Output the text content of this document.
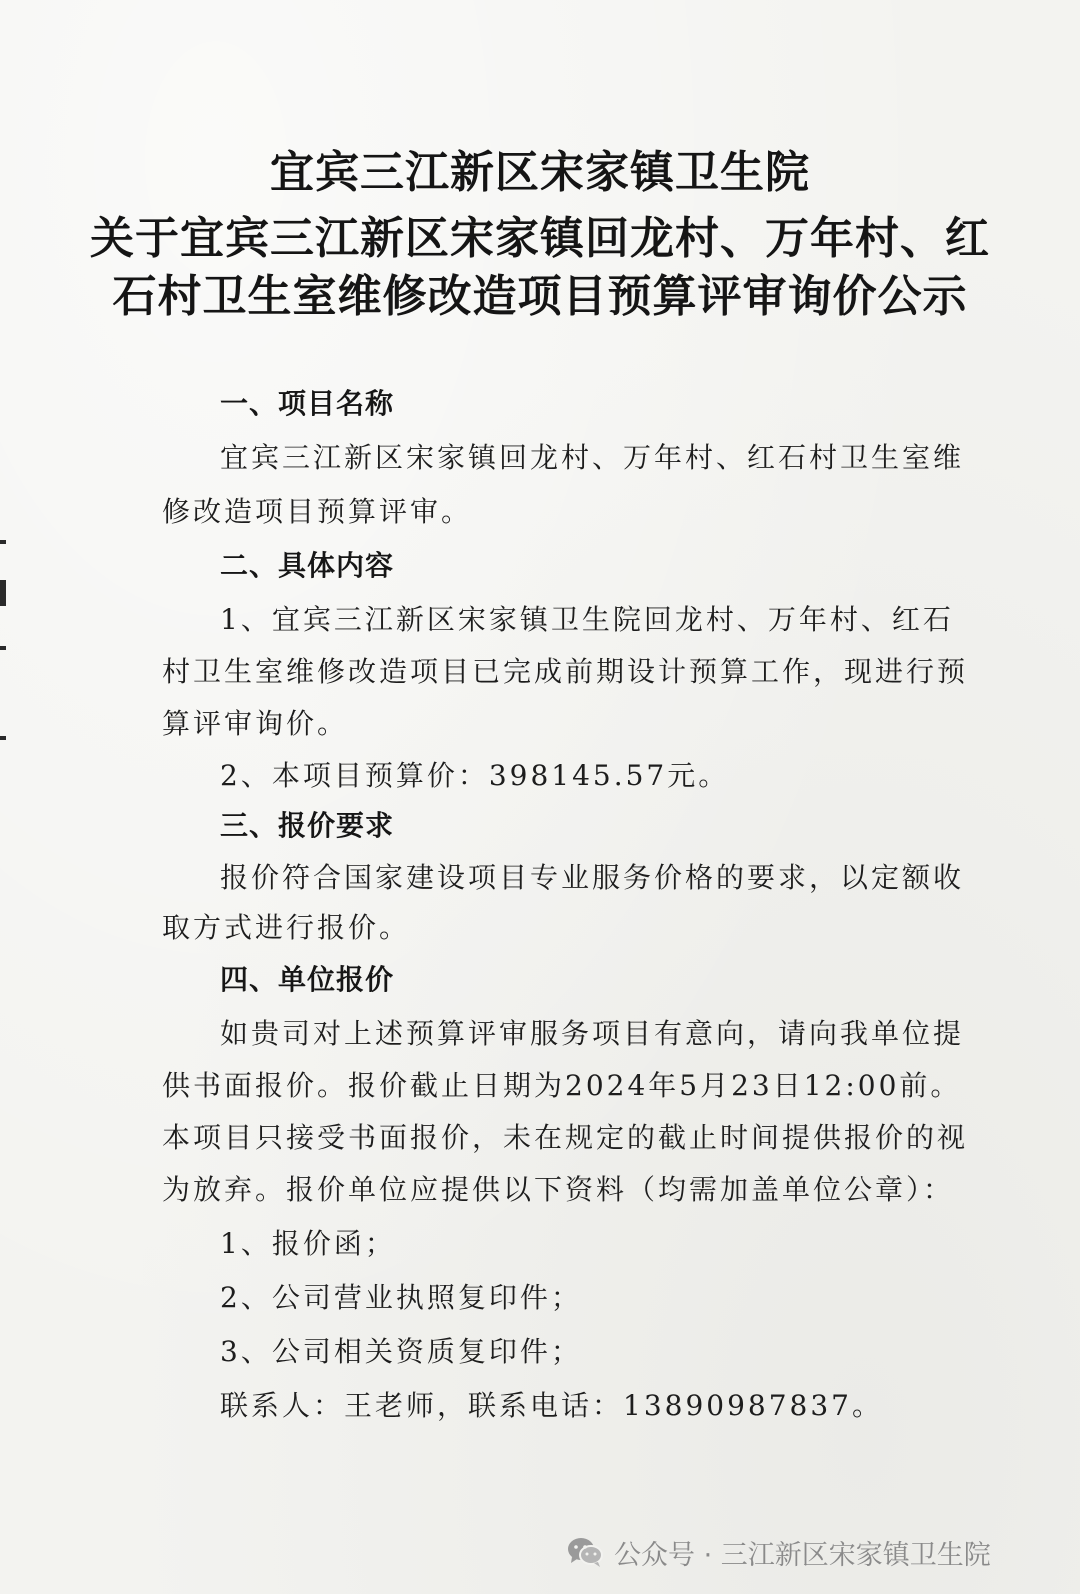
宜宾三江新区宋家镇卫生院
关于宜宾三江新区宋家镇回龙村、万年村、红
石村卫生室维修改造项目预算评审询价公示
一、项目名称
宜宾三江新区宋家镇回龙村、万年村、红石村卫生室维
修改造项目预算评审。
二、具体内容
1、宜宾三江新区宋家镇卫生院回龙村、万年村、红石
村卫生室维修改造项目已完成前期设计预算工作，现进行预
算评审询价。
2、本项目预算价：398145.57元。
三、报价要求
报价符合国家建设项目专业服务价格的要求，以定额收
取方式进行报价。
四、单位报价
如贵司对上述预算评审服务项目有意向，请向我单位提
供书面报价。报价截止日期为2024年5月23日12:00前。
本项目只接受书面报价，未在规定的截止时间提供报价的视
为放弃。报价单位应提供以下资料（均需加盖单位公章）：
1、报价函；
2、公司营业执照复印件；
3、公司相关资质复印件；
联系人：王老师，联系电话：13890987837。
公众号 · 三江新区宋家镇卫生院
